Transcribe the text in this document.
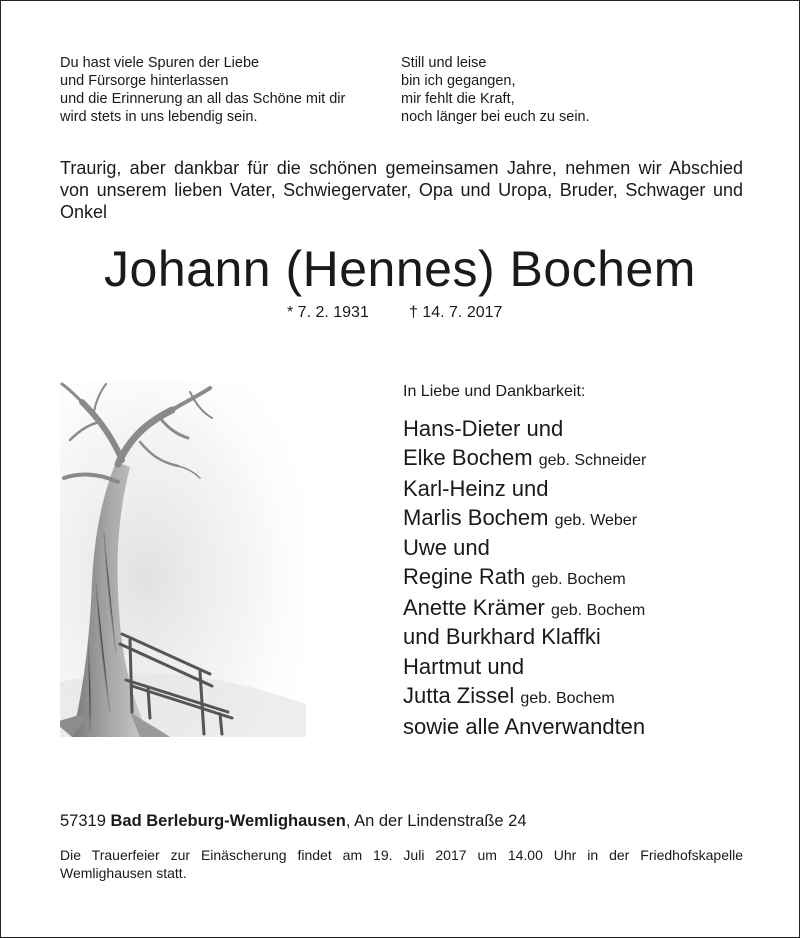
Du hast viele Spuren der Liebe
und Fürsorge hinterlassen
und die Erinnerung an all das Schöne mit dir
wird stets in uns lebendig sein.
Still und leise
bin ich gegangen,
mir fehlt die Kraft,
noch länger bei euch zu sein.
Traurig, aber dankbar für die schönen gemeinsamen Jahre, nehmen wir Abschied
von unserem lieben Vater, Schwiegervater, Opa und Uropa, Bruder, Schwager und
Onkel
Johann (Hennes) Bochem
* 7. 2. 1931	† 14. 7. 2017
In Liebe und Dankbarkeit:
Hans-Dieter und
Elke Bochem geb. Schneider
Karl-Heinz und
Marlis Bochem geb. Weber
Uwe und
Regine Rath geb. Bochem
Anette Krämer geb. Bochem
und Burkhard Klaffki
Hartmut und
Jutta Zissel geb. Bochem
sowie alle Anverwandten
57319 Bad Berleburg-Wemlighausen, An der Lindenstraße 24
Die Trauerfeier zur Einäscherung findet am 19. Juli 2017 um 14.00 Uhr in der Friedhofskapelle
Wemlighausen statt.
